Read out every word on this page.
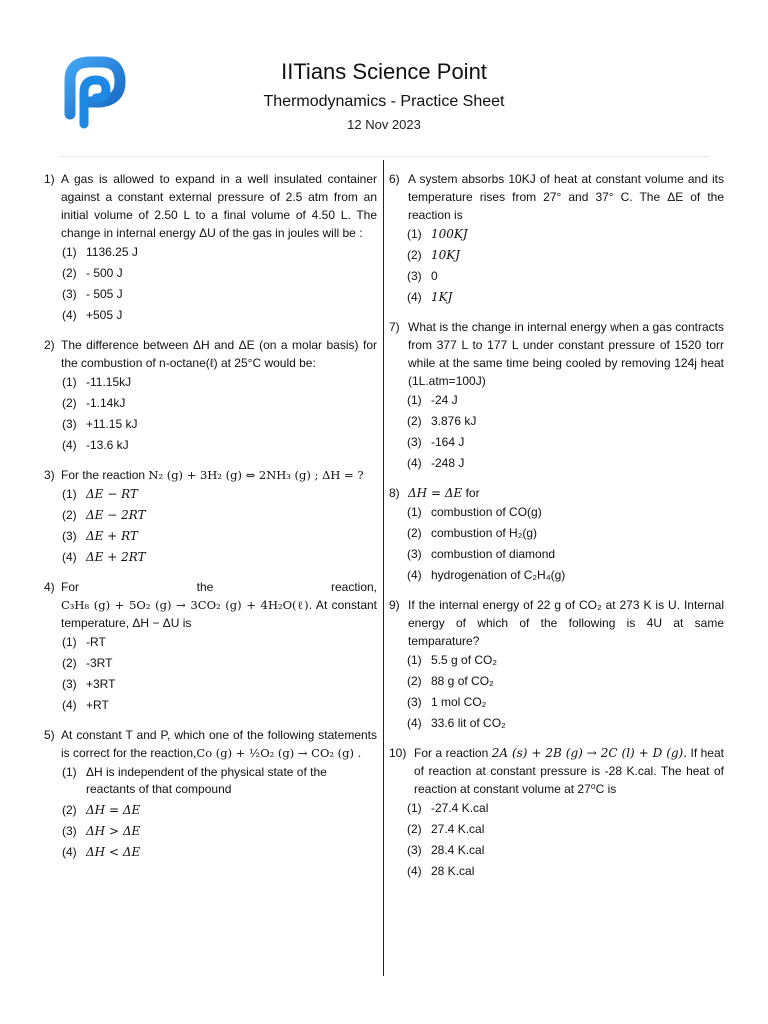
IITians Science Point
Thermodynamics - Practice Sheet
12 Nov 2023
1) A gas is allowed to expand in a well insulated container against a constant external pressure of 2.5 atm from an initial volume of 2.50 L to a final volume of 4.50 L. The change in internal energy ΔU of the gas in joules will be :
(1) 1136.25 J
(2) - 500 J
(3) - 505 J
(4) +505 J
2) The difference between ΔH and ΔE (on a molar basis) for the combustion of n-octane(ℓ) at 25°C would be:
(1) -11.15kJ
(2) -1.14kJ
(3) +11.15 kJ
(4) -13.6 kJ
3) For the reaction N₂ (g) + 3H₂ (g) ⇔ 2NH₃ (g) ; ΔH = ?
(1) ΔE − RT
(2) ΔE − 2RT
(3) ΔE + RT
(4) ΔE + 2RT
4) For	the	reaction,
C₃H₈ (g) + 5O₂ (g) → 3CO₂ (g) + 4H₂O(ℓ). At constant temperature, ΔH − ΔU is
(1) -RT
(2) -3RT
(3) +3RT
(4) +RT
5) At constant T and P, which one of the following statements is correct for the reaction,Co (g) + ½O₂ (g) → CO₂ (g) .
(1) ΔH is independent of the physical state of the reactants of that compound
(2) ΔH = ΔE
(3) ΔH > ΔE
(4) ΔH < ΔE
6) A system absorbs 10KJ of heat at constant volume and its temperature rises from 27° and 37° C. The ΔE of the reaction is
(1) 100KJ
(2) 10KJ
(3) 0
(4) 1KJ
7) What is the change in internal energy when a gas contracts from 377 L to 177 L under constant pressure of 1520 torr while at the same time being cooled by removing 124j heat (1L.atm=100J)
(1) -24 J
(2) 3.876 kJ
(3) -164 J
(4) -248 J
8) ΔH = ΔE for
(1) combustion of CO(g)
(2) combustion of H₂(g)
(3) combustion of diamond
(4) hydrogenation of C₂H₄(g)
9) If the internal energy of 22 g of CO₂ at 273 K is U. Internal energy of which of the following is 4U at same temparature?
(1) 5.5 g of CO₂
(2) 88 g of CO₂
(3) 1 mol CO₂
(4) 33.6 lit of CO₂
10) For a reaction 2A (s) + 2B (g) → 2C (l) + D (g). If heat of reaction at constant pressure is -28 K.cal. The heat of reaction at constant volume at 27⁰C is
(1) -27.4 K.cal
(2) 27.4 K.cal
(3) 28.4 K.cal
(4) 28 K.cal
